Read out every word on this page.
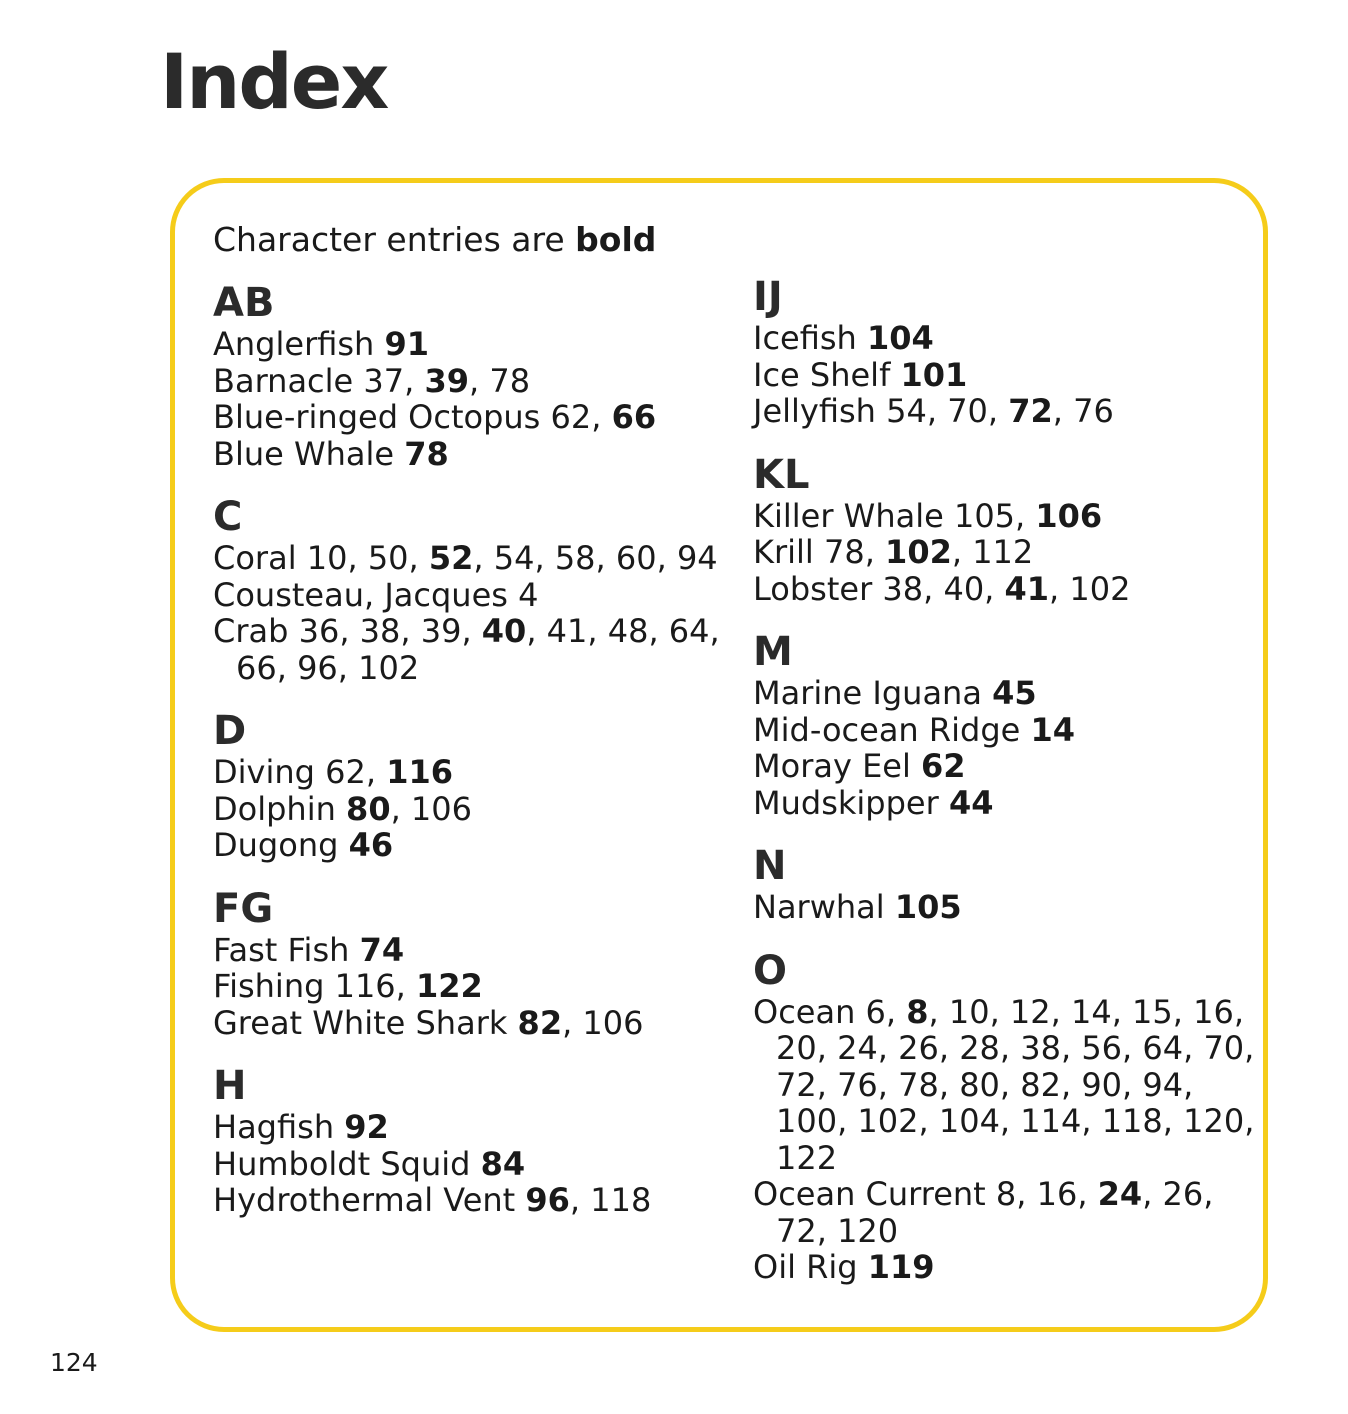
Index
Character entries are bold
AB
Anglerfish 91
Barnacle 37, 39, 78
Blue-ringed Octopus 62, 66
Blue Whale 78
C
Coral 10, 50, 52, 54, 58, 60, 94
Cousteau, Jacques 4
Crab 36, 38, 39, 40, 41, 48, 64, 66, 96, 102
D
Diving 62, 116
Dolphin 80, 106
Dugong 46
FG
Fast Fish 74
Fishing 116, 122
Great White Shark 82, 106
H
Hagfish 92
Humboldt Squid 84
Hydrothermal Vent 96, 118
IJ
Icefish 104
Ice Shelf 101
Jellyfish 54, 70, 72, 76
KL
Killer Whale 105, 106
Krill 78, 102, 112
Lobster 38, 40, 41, 102
M
Marine Iguana 45
Mid-ocean Ridge 14
Moray Eel 62
Mudskipper 44
N
Narwhal 105
O
Ocean 6, 8, 10, 12, 14, 15, 16, 20, 24, 26, 28, 38, 56, 64, 70, 72, 76, 78, 80, 82, 90, 94, 100, 102, 104, 114, 118, 120, 122
Ocean Current 8, 16, 24, 26, 72, 120
Oil Rig 119
124
